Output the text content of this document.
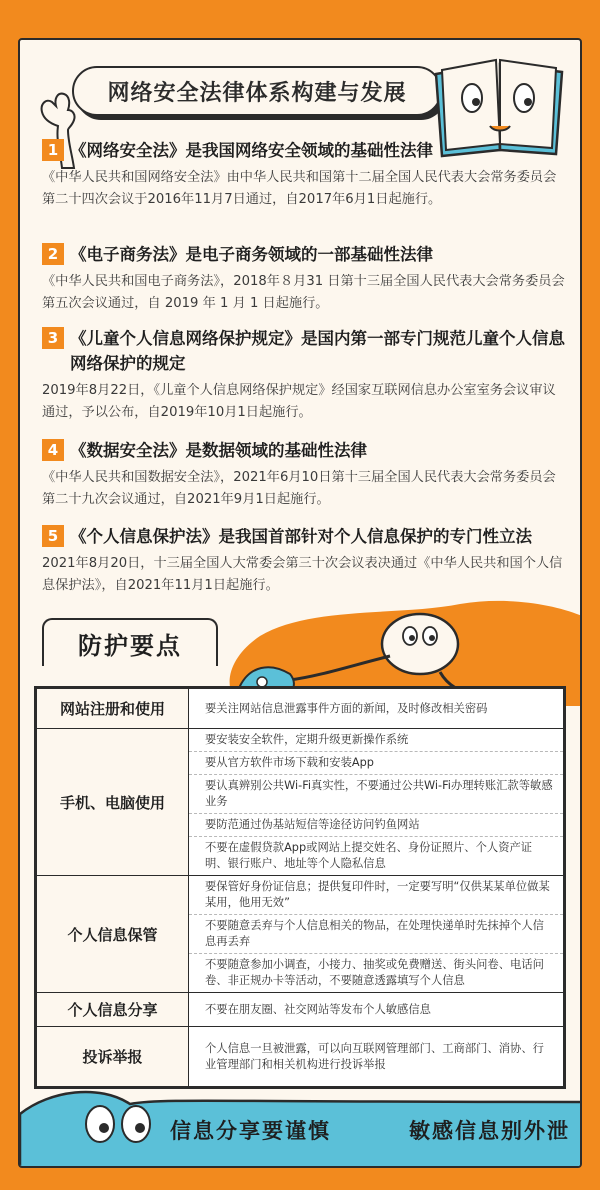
网络安全法律体系构建与发展
1 《网络安全法》是我国网络安全领域的基础性法律
《中华人民共和国网络安全法》由中华人民共和国第十二届全国人民代表大会常务委员会第二十四次会议于2016年11月7日通过，自2017年6月1日起施行。
2 《电子商务法》是电子商务领域的一部基础性法律
《中华人民共和国电子商务法》，2018年８月31 日第十三届全国人民代表大会常务委员会第五次会议通过，自 2019 年 1 月 1 日起施行。
3 《儿童个人信息网络保护规定》是国内第一部专门规范儿童个人信息网络保护的规定
2019年8月22日，《儿童个人信息网络保护规定》经国家互联网信息办公室室务会议审议通过，予以公布，自2019年10月1日起施行。
4 《数据安全法》是数据领域的基础性法律
《中华人民共和国数据安全法》，2021年6月10日第十三届全国人民代表大会常务委员会第二十九次会议通过，自2021年9月1日起施行。
5 《个人信息保护法》是我国首部针对个人信息保护的专门性立法
2021年8月20日，十三届全国人大常委会第三十次会议表决通过《中华人民共和国个人信息保护法》，自2021年11月1日起施行。
防护要点
网站注册和使用	要关注网站信息泄露事件方面的新闻，及时修改相关密码

手机、电脑使用	要安装安全软件，定期升级更新操作系统
要从官方软件市场下载和安装App
要认真辨别公共Wi-Fi真实性，不要通过公共Wi-Fi办理转账汇款等敏感业务
要防范通过伪基站短信等途径访问钓鱼网站
不要在虚假贷款App或网站上提交姓名、身份证照片、个人资产证明、银行账户、地址等个人隐私信息

个人信息保管	要保管好身份证信息；提供复印件时，一定要写明“仅供某某单位做某某用，他用无效”
不要随意丢弃与个人信息相关的物品，在处理快递单时先抹掉个人信息再丢弃
不要随意参加小调查，小接力、抽奖或免费赠送、街头问卷、电话问卷、非正规办卡等活动，不要随意透露填写个人信息

个人信息分享	不要在朋友圈、社交网站等发布个人敏感信息

投诉举报	个人信息一旦被泄露，可以向互联网管理部门、工商部门、消协、行业管理部门和相关机构进行投诉举报
信息分享要谨慎	敏感信息别外泄
